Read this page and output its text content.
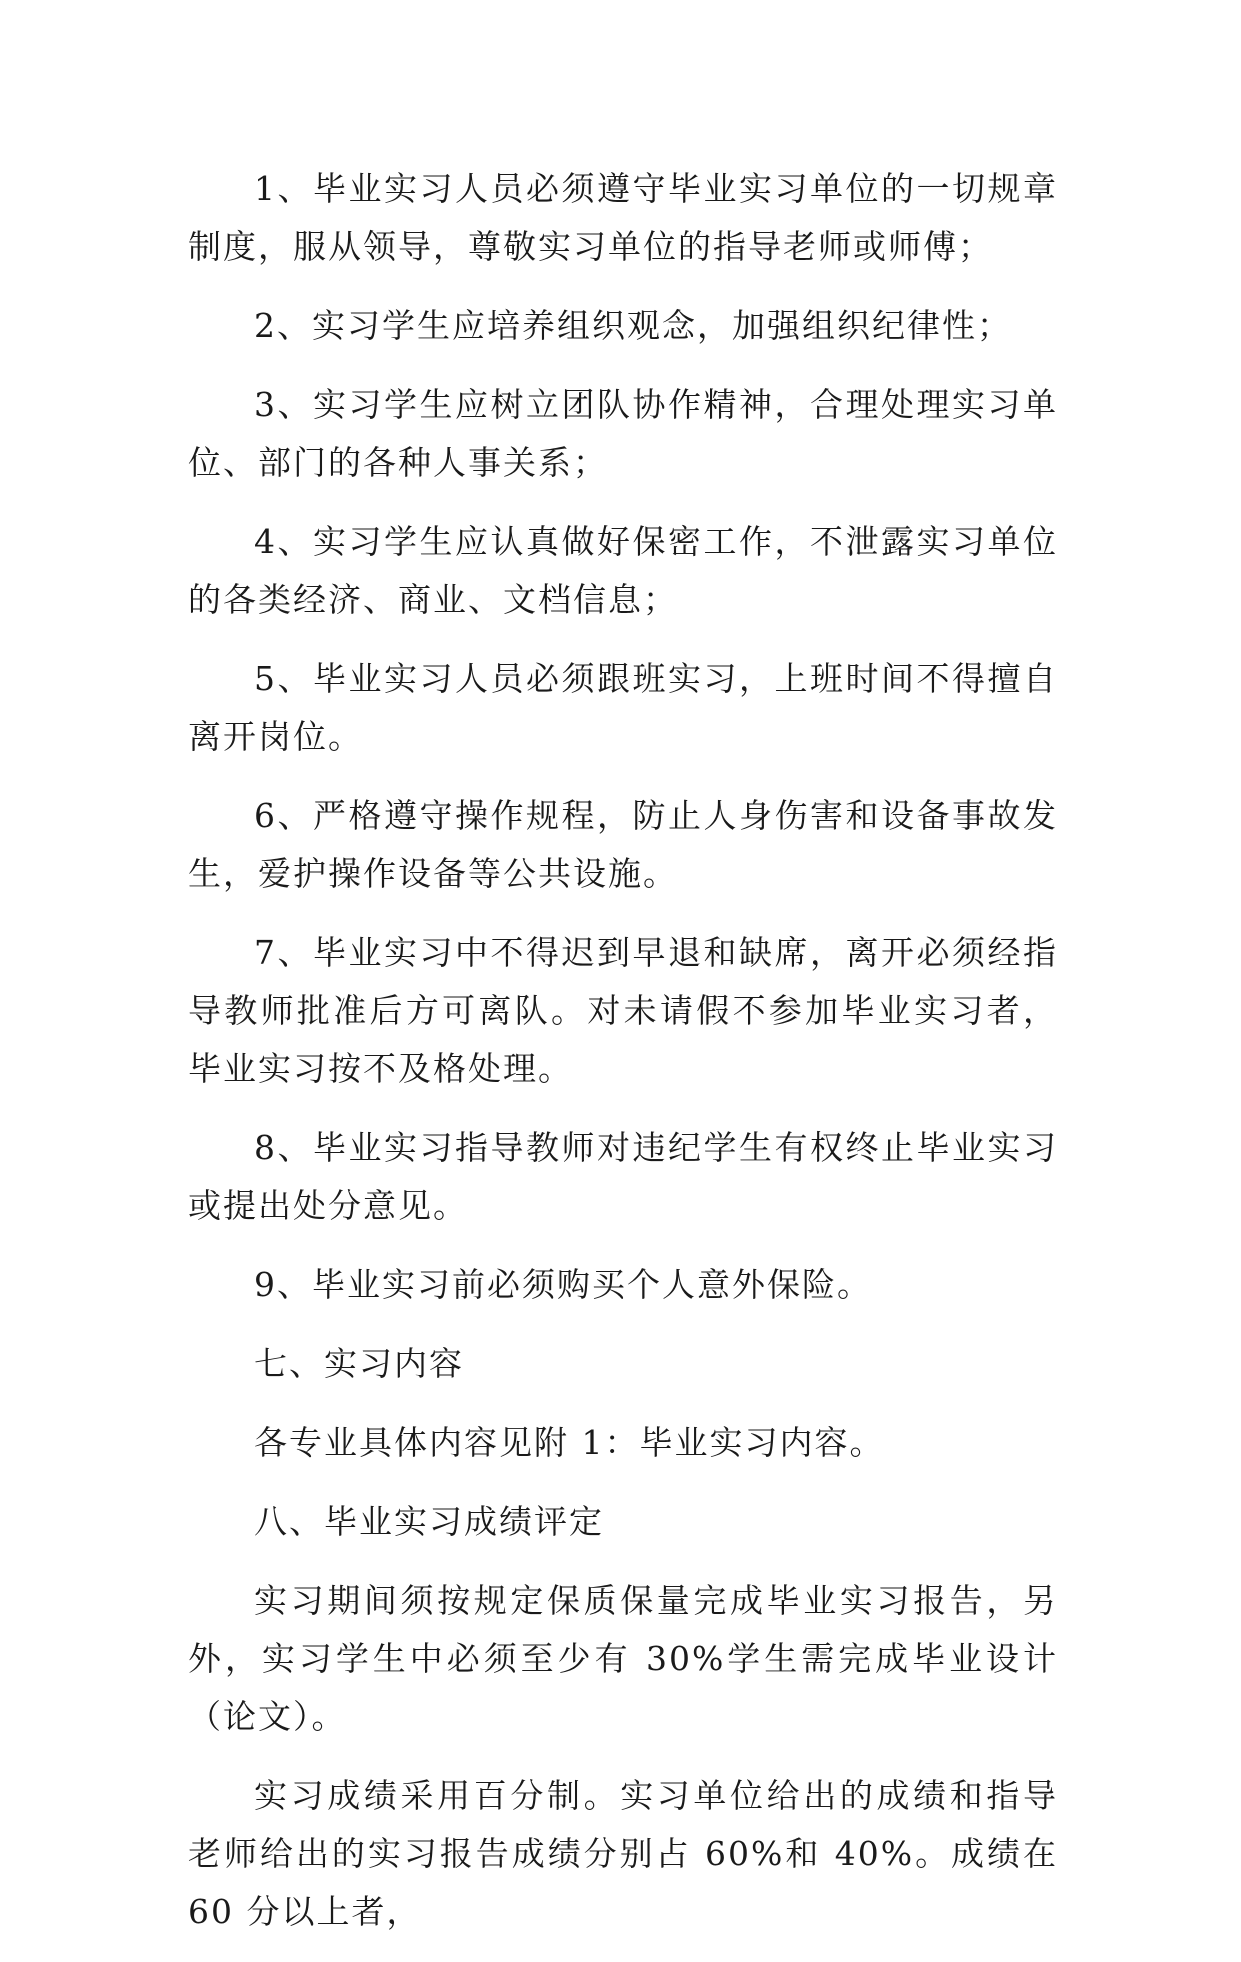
1、毕业实习人员必须遵守毕业实习单位的一切规章制度，服从领导，尊敬实习单位的指导老师或师傅；

2、实习学生应培养组织观念，加强组织纪律性；

3、实习学生应树立团队协作精神，合理处理实习单位、部门的各种人事关系；

4、实习学生应认真做好保密工作，不泄露实习单位的各类经济、商业、文档信息；

5、毕业实习人员必须跟班实习，上班时间不得擅自离开岗位。

6、严格遵守操作规程，防止人身伤害和设备事故发生，爱护操作设备等公共设施。

7、毕业实习中不得迟到早退和缺席，离开必须经指导教师批准后方可离队。对未请假不参加毕业实习者，毕业实习按不及格处理。

8、毕业实习指导教师对违纪学生有权终止毕业实习或提出处分意见。

9、毕业实习前必须购买个人意外保险。

七、实习内容

各专业具体内容见附 1：毕业实习内容。

八、毕业实习成绩评定

实习期间须按规定保质保量完成毕业实习报告，另外，实习学生中必须至少有 30%学生需完成毕业设计（论文）。

实习成绩采用百分制。实习单位给出的成绩和指导老师给出的实习报告成绩分别占 60%和 40%。成绩在 60 分以上者，
